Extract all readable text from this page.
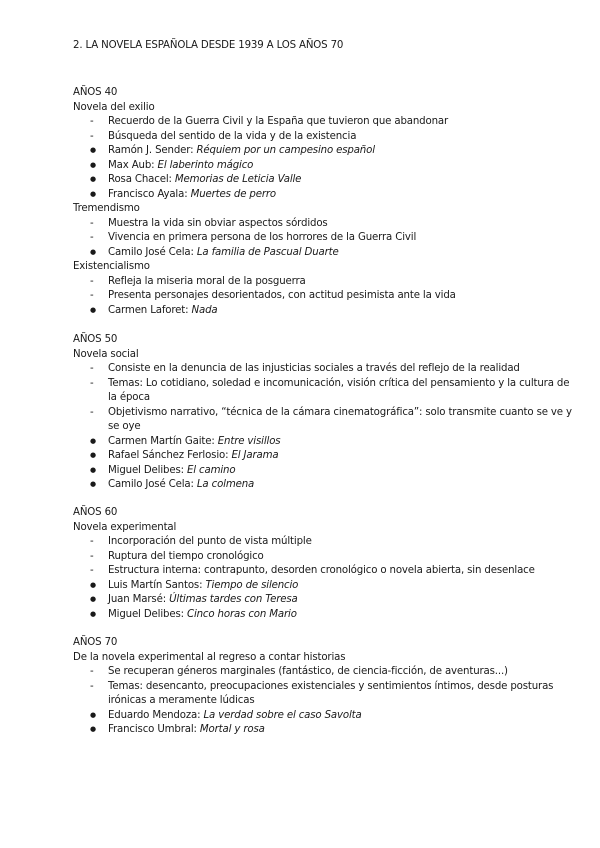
2. LA NOVELA ESPAÑOLA DESDE 1939 A LOS AÑOS 70
AÑOS 40
Novela del exilio
-
Recuerdo de la Guerra Civil y la España que tuvieron que abandonar
-
Búsqueda del sentido de la vida y de la existencia
●
Ramón J. Sender: Réquiem por un campesino español
●
Max Aub: El laberinto mágico
●
Rosa Chacel: Memorias de Leticia Valle
●
Francisco Ayala: Muertes de perro
Tremendismo
-
Muestra la vida sin obviar aspectos sórdidos
-
Vivencia en primera persona de los horrores de la Guerra Civil
●
Camilo José Cela: La familia de Pascual Duarte
Existencialismo
-
Refleja la miseria moral de la posguerra
-
Presenta personajes desorientados, con actitud pesimista ante la vida
●
Carmen Laforet: Nada
AÑOS 50
Novela social
-
Consiste en la denuncia de las injusticias sociales a través del reflejo de la realidad
-
Temas: Lo cotidiano, soledad e incomunicación, visión crítica del pensamiento y la cultura de la época
-
Objetivismo narrativo, “técnica de la cámara cinematográfica”: solo transmite cuanto se ve y se oye
●
Carmen Martín Gaite: Entre visillos
●
Rafael Sánchez Ferlosio: El Jarama
●
Miguel Delibes: El camino
●
Camilo José Cela: La colmena
AÑOS 60
Novela experimental
-
Incorporación del punto de vista múltiple
-
Ruptura del tiempo cronológico
-
Estructura interna: contrapunto, desorden cronológico o novela abierta, sin desenlace
●
Luis Martín Santos: Tiempo de silencio
●
Juan Marsé: Últimas tardes con Teresa
●
Miguel Delibes: Cinco horas con Mario
AÑOS 70
De la novela experimental al regreso a contar historias
-
Se recuperan géneros marginales (fantástico, de ciencia-ficción, de aventuras...)
-
Temas: desencanto, preocupaciones existenciales y sentimientos íntimos, desde posturas irónicas a meramente lúdicas
●
Eduardo Mendoza: La verdad sobre el caso Savolta
●
Francisco Umbral: Mortal y rosa
